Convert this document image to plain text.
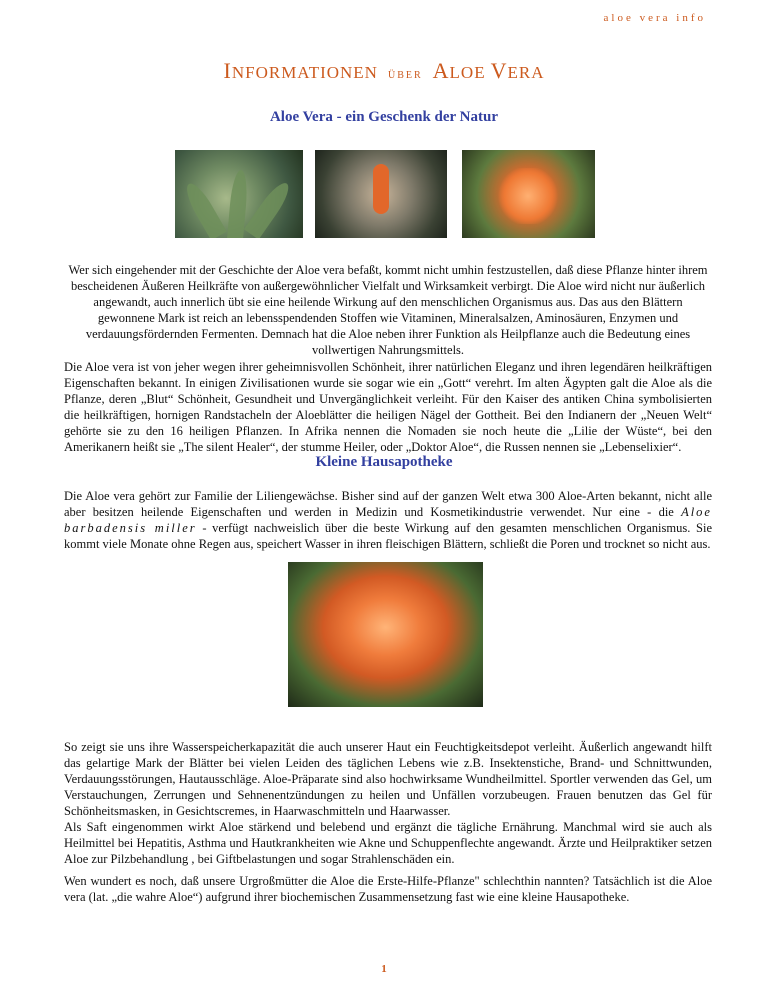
aloe vera info
INFORMATIONEN ÜBER ALOE VERA
Aloe Vera - ein Geschenk der Natur
Wer sich eingehender mit der Geschichte der Aloe vera befaßt, kommt nicht umhin festzustellen, daß diese Pflanze hinter ihrem bescheidenen Äußeren Heilkräfte von außergewöhnlicher Vielfalt und Wirksamkeit verbirgt. Die Aloe wird nicht nur äußerlich angewandt, auch innerlich übt sie eine heilende Wirkung auf den menschlichen Organismus aus. Das aus den Blättern gewonnene Mark ist reich an lebensspendenden Stoffen wie Vitaminen, Mineralsalzen, Aminosäuren, Enzymen und verdauungsfördernden Fermenten. Demnach hat die Aloe neben ihrer Funktion als Heilpflanze auch die Bedeutung eines vollwertigen Nahrungsmittels.
Die Aloe vera ist von jeher wegen ihrer geheimnisvollen Schönheit, ihrer natürlichen Eleganz und ihren legendären heilkräftigen Eigenschaften bekannt. In einigen Zivilisationen wurde sie sogar wie ein „Gott“ verehrt. Im alten Ägypten galt die Aloe als die Pflanze, deren „Blut“ Schönheit, Gesundheit und Unvergänglichkeit verleiht. Für den Kaiser des antiken China symbolisierten die heilkräftigen, hornigen Randstacheln der Aloeblätter die heiligen Nägel der Gottheit. Bei den Indianern der „Neuen Welt“ gehörte sie zu den 16 heiligen Pflanzen. In Afrika nennen die Nomaden sie noch heute die „Lilie der Wüste“, bei den Amerikanern heißt sie „The silent Healer“, der stumme Heiler, oder „Doktor Aloe“, die Russen nennen sie „Lebenselixier“.
Kleine Hausapotheke
Die Aloe vera gehört zur Familie der Liliengewächse. Bisher sind auf der ganzen Welt etwa 300 Aloe-Arten bekannt, nicht alle aber besitzen heilende Eigenschaften und werden in Medizin und Kosmetikindustrie verwendet. Nur eine - die Aloe barbadensis miller - verfügt nachweislich über die beste Wirkung auf den gesamten menschlichen Organismus. Sie kommt viele Monate ohne Regen aus, speichert Wasser in ihren fleischigen Blättern, schließt die Poren und trocknet so nicht aus.
So zeigt sie uns ihre Wasserspeicherkapazität die auch unserer Haut ein Feuchtigkeitsdepot verleiht. Äußerlich angewandt hilft das gelartige Mark der Blätter bei vielen Leiden des täglichen Lebens wie z.B. Insektenstiche, Brand- und Schnittwunden, Verdauungsstörungen, Hautausschläge. Aloe-Präparate sind also hochwirksame Wundheilmittel. Sportler verwenden das Gel, um Verstauchungen, Zerrungen und Sehnenentzündungen zu heilen und Unfällen vorzubeugen. Frauen benutzen das Gel für Schönheitsmasken, in Gesichtscremes, in Haarwaschmitteln und Haarwasser.
Als Saft eingenommen wirkt Aloe stärkend und belebend und ergänzt die tägliche Ernährung. Manchmal wird sie auch als Heilmittel bei Hepatitis, Asthma und Hautkrankheiten wie Akne und Schuppenflechte angewandt. Ärzte und Heilpraktiker setzen Aloe zur Pilzbehandlung , bei Giftbelastungen und sogar Strahlenschäden ein.
Wen wundert es noch, daß unsere Urgroßmütter die Aloe die Erste-Hilfe-Pflanze" schlechthin nannten? Tatsächlich ist die Aloe vera (lat. „die wahre Aloe“) aufgrund ihrer biochemischen Zusammensetzung fast wie eine kleine Hausapotheke.
1
